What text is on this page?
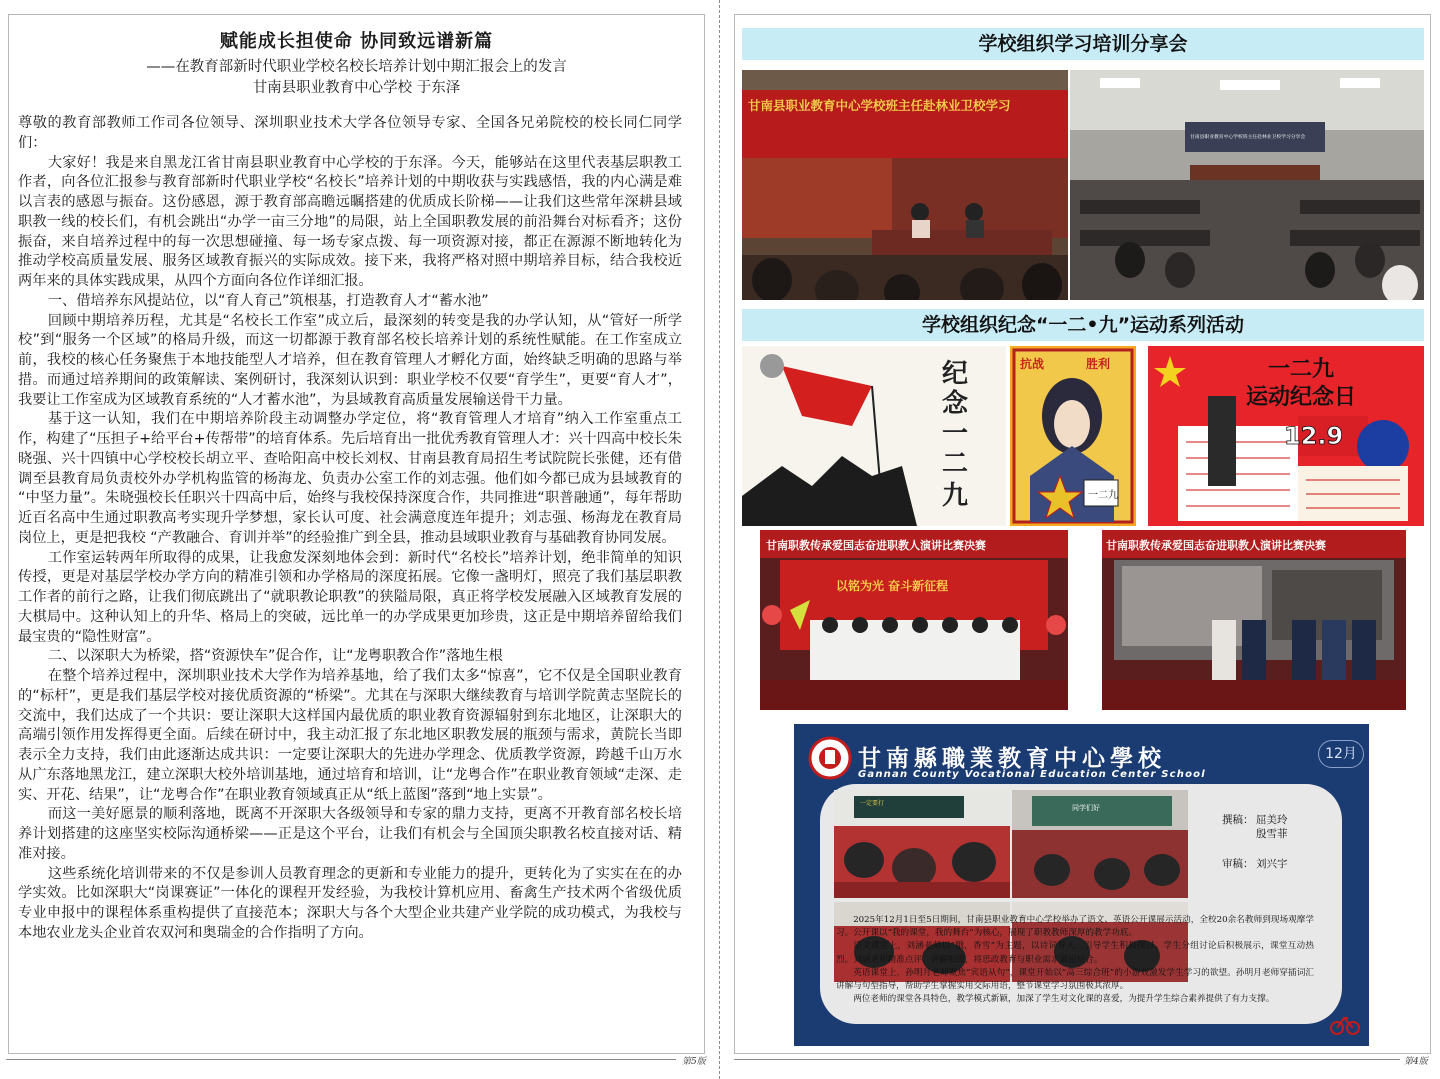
赋能成长担使命 协同致远谱新篇
——在教育部新时代职业学校名校长培养计划中期汇报会上的发言
甘南县职业教育中心学校 于东泽

尊敬的教育部教师工作司各位领导、深圳职业技术大学各位领导专家、全国各兄弟院校的校长同仁同学们：

大家好！我是来自黑龙江省甘南县职业教育中心学校的于东泽。今天，能够站在这里代表基层职教工作者，向各位汇报参与教育部新时代职业学校“名校长”培养计划的中期收获与实践感悟，我的内心满是难以言表的感恩与振奋。这份感恩，源于教育部高瞻远瞩搭建的优质成长阶梯——让我们这些常年深耕县域职教一线的校长们，有机会跳出“办学一亩三分地”的局限，站上全国职教发展的前沿舞台对标看齐；这份振奋，来自培养过程中的每一次思想碰撞、每一场专家点拨、每一项资源对接，都正在源源不断地转化为推动学校高质量发展、服务区域教育振兴的实际成效。接下来，我将严格对照中期培养目标，结合我校近两年来的具体实践成果，从四个方面向各位作详细汇报。

一、借培养东风提站位，以“育人育己”筑根基，打造教育人才“蓄水池”

回顾中期培养历程，尤其是“名校长工作室”成立后，最深刻的转变是我的办学认知，从“管好一所学校”到“服务一个区域”的格局升级，而这一切都源于教育部名校长培养计划的系统性赋能。在工作室成立前，我校的核心任务聚焦于本地技能型人才培养，但在教育管理人才孵化方面，始终缺乏明确的思路与举措。而通过培养期间的政策解读、案例研讨，我深刻认识到：职业学校不仅要“育学生”，更要“育人才”，我要让工作室成为区域教育系统的“人才蓄水池”，为县域教育高质量发展输送骨干力量。

基于这一认知，我们在中期培养阶段主动调整办学定位，将“教育管理人才培育”纳入工作室重点工作，构建了“压担子+给平台+传帮带”的培育体系。先后培育出一批优秀教育管理人才：兴十四高中校长朱晓强、兴十四镇中心学校校长胡立平、查哈阳高中校长刘权、甘南县教育局招生考试院院长张健，还有借调至县教育局负责校外办学机构监管的杨海龙、负责办公室工作的刘志强。他们如今都已成为县域教育的 “中坚力量”。朱晓强校长任职兴十四高中后，始终与我校保持深度合作，共同推进“职普融通”，每年帮助近百名高中生通过职教高考实现升学梦想，家长认可度、社会满意度连年提升；刘志强、杨海龙在教育局岗位上，更是把我校 “产教融合、育训并举”的经验推广到全县，推动县域职业教育与基础教育协同发展。

工作室运转两年所取得的成果，让我愈发深刻地体会到：新时代“名校长”培养计划，绝非简单的知识传授，更是对基层学校办学方向的精准引领和办学格局的深度拓展。它像一盏明灯，照亮了我们基层职教工作者的前行之路，让我们彻底跳出了“就职教论职教”的狭隘局限，真正将学校发展融入区域教育发展的大棋局中。这种认知上的升华、格局上的突破，远比单一的办学成果更加珍贵，这正是中期培养留给我们最宝贵的“隐性财富”。

二、以深职大为桥梁，搭“资源快车”促合作，让“龙粤职教合作”落地生根

在整个培养过程中，深圳职业技术大学作为培养基地，给了我们太多“惊喜”，它不仅是全国职业教育的“标杆”，更是我们基层学校对接优质资源的“桥梁”。尤其在与深职大继续教育与培训学院黄志坚院长的交流中，我们达成了一个共识：要让深职大这样国内最优质的职业教育资源辐射到东北地区，让深职大的高端引领作用发挥得更全面。后续在研讨中，我主动汇报了东北地区职教发展的瓶颈与需求，黄院长当即表示全力支持，我们由此逐渐达成共识：一定要让深职大的先进办学理念、优质教学资源，跨越千山万水从广东落地黑龙江，建立深职大校外培训基地，通过培育和培训，让“龙粤合作”在职业教育领域“走深、走实、开花、结果”，让“龙粤合作”在职业教育领域真正从“纸上蓝图”落到“地上实景”。

而这一美好愿景的顺利落地，既离不开深职大各级领导和专家的鼎力支持，更离不开教育部名校长培养计划搭建的这座坚实校际沟通桥梁——正是这个平台，让我们有机会与全国顶尖职教名校直接对话、精准对接。

这些系统化培训带来的不仅是参训人员教育理念的更新和专业能力的提升，更转化为了实实在在的办学实效。比如深职大“岗课赛证”一体化的课程开发经验，为我校计算机应用、畜禽生产技术两个省级优质专业申报中的课程体系重构提供了直接范本；深职大与各个大型企业共建产业学院的成功模式，为我校与本地农业龙头企业首农双河和奥瑞金的合作指明了方向。

第5版
学校组织学习培训分享会
甘南县职业教育中心学校班主任赴林业卫校学习
甘南县职业教育中心学校班主任赴林业卫校学习分享会
学校组织纪念“一二•九”运动系列活动
纪
念
一
二
九
抗战	胜利
一二九
一二九
运动纪念日
12.9
甘南职教传承爱国志奋进职教人演讲比赛决赛
以铭为光 奋斗新征程
甘南职教传承爱国志奋进职教人演讲比赛决赛
甘南縣職業教育中心學校
Gannan County Vocational Education Center School
12月
一定要打
同学们好
撰稿： 屈美玲
殷雪菲
审稿： 刘兴宇

2025年12月1日至5日期间，甘南县职业教育中心学校举办了语文、英语公开课展示活动，全校20余名教师到现场观摩学习。公开课以“我的课堂，我的舞台”为核心，展现了职教教师深厚的教学功底。

语文课堂上，刘涵老师以“哦，香雪”为主题，以诗词导入，引导学生积极探讨。学生分组讨论后积极展示，课堂互动热烈。刘涵老师精准点评、讲解细致，将思政教育与职业需求紧密结合。

英语课堂上，孙明月老师聚焦“宾语从句”，课堂开始以“高三综合班”的小游戏激发学生学习的欲望。孙明月老师穿插词汇讲解与句型指导，帮助学生掌握实用交际用语，整节课堂学习氛围极其浓厚。

两位老师的课堂各具特色，教学模式新颖，加深了学生对文化课的喜爱，为提升学生综合素养提供了有力支撑。

第4版
